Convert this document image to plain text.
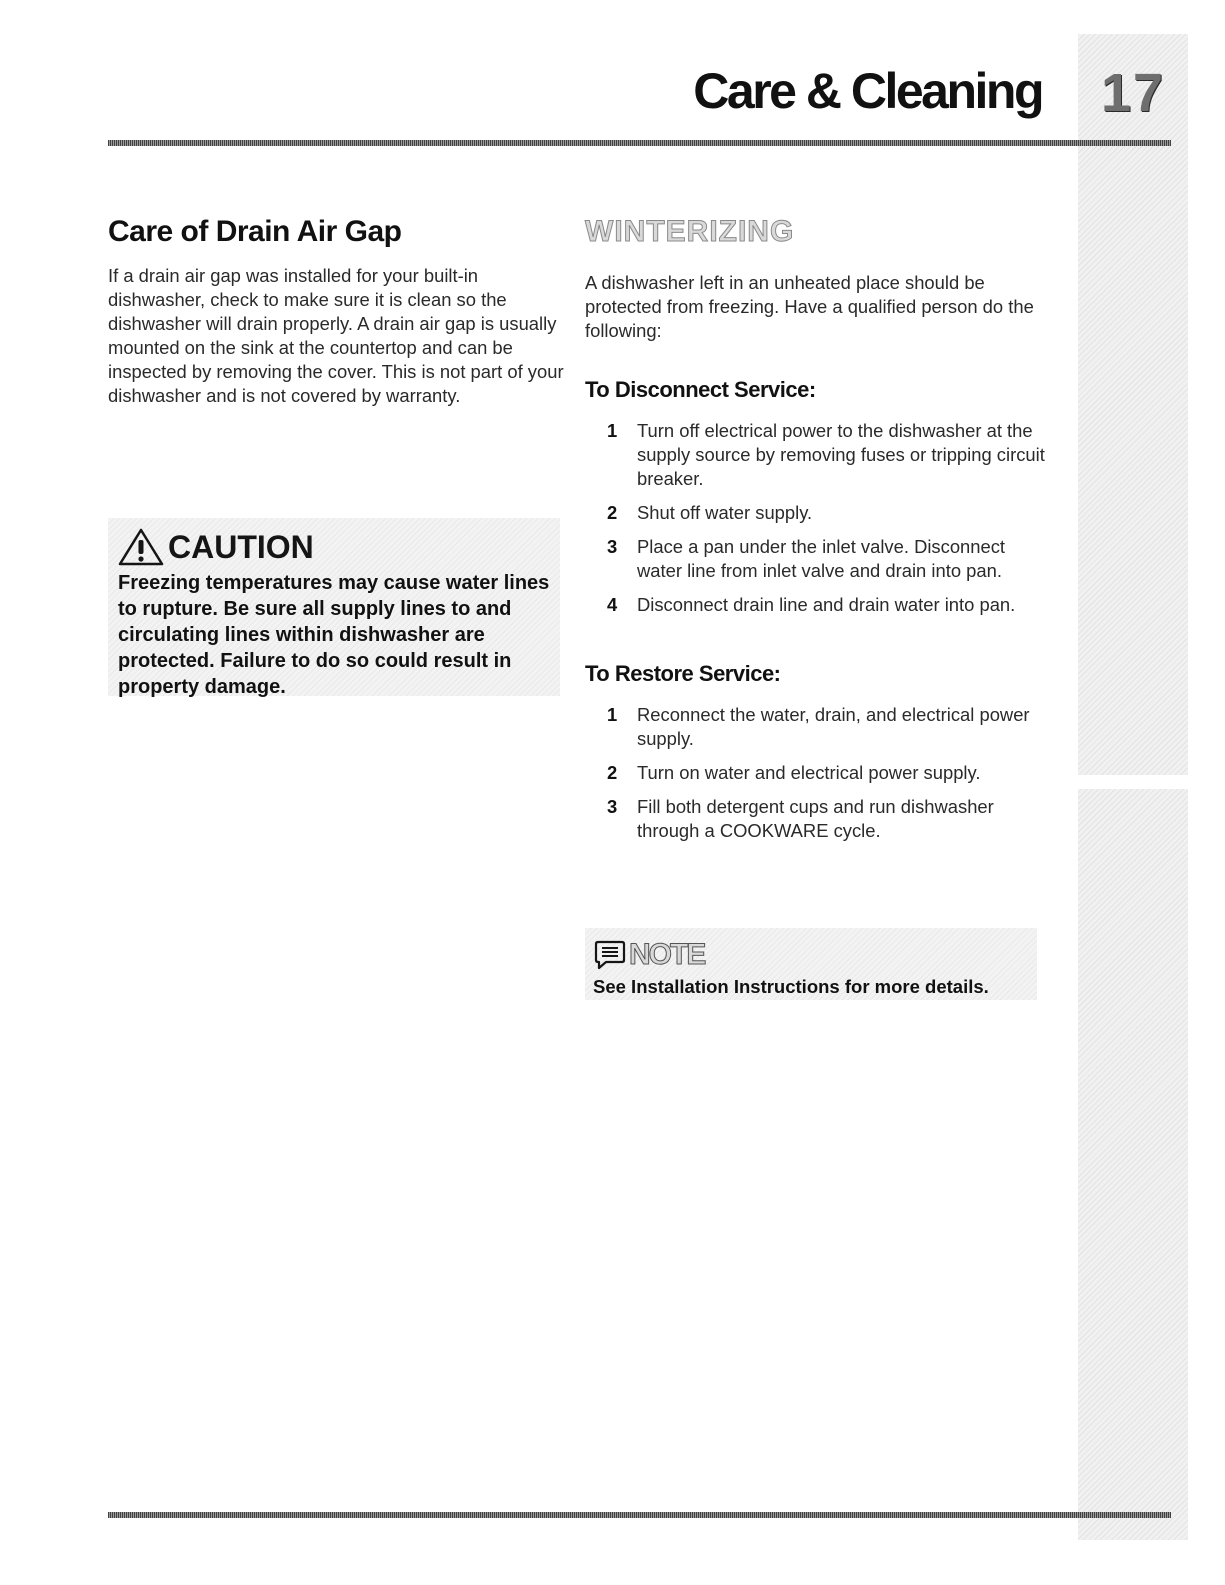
Care & Cleaning	17
Care of Drain Air Gap

If a drain air gap was installed for your built-in dishwasher, check to make sure it is clean so the dishwasher will drain properly. A drain air gap is usually mounted on the sink at the countertop and can be inspected by removing the cover. This is not part of your dishwasher and is not covered by warranty.

CAUTION

Freezing temperatures may cause water lines to rupture. Be sure all supply lines to and circulating lines within dishwasher are protected. Failure to do so could result in property damage.

WINTERIZING

A dishwasher left in an unheated place should be protected from freezing. Have a qualified person do the following:

To Disconnect Service:
1 Turn off electrical power to the dishwasher at the supply source by removing fuses or tripping circuit breaker.
2 Shut off water supply.
3 Place a pan under the inlet valve. Disconnect water line from inlet valve and drain into pan.
4 Disconnect drain line and drain water into pan.
To Restore Service:
1 Reconnect the water, drain, and electrical power supply.
2 Turn on water and electrical power supply.
3 Fill both detergent cups and run dishwasher through a COOKWARE cycle.
NOTE

See Installation Instructions for more details.
